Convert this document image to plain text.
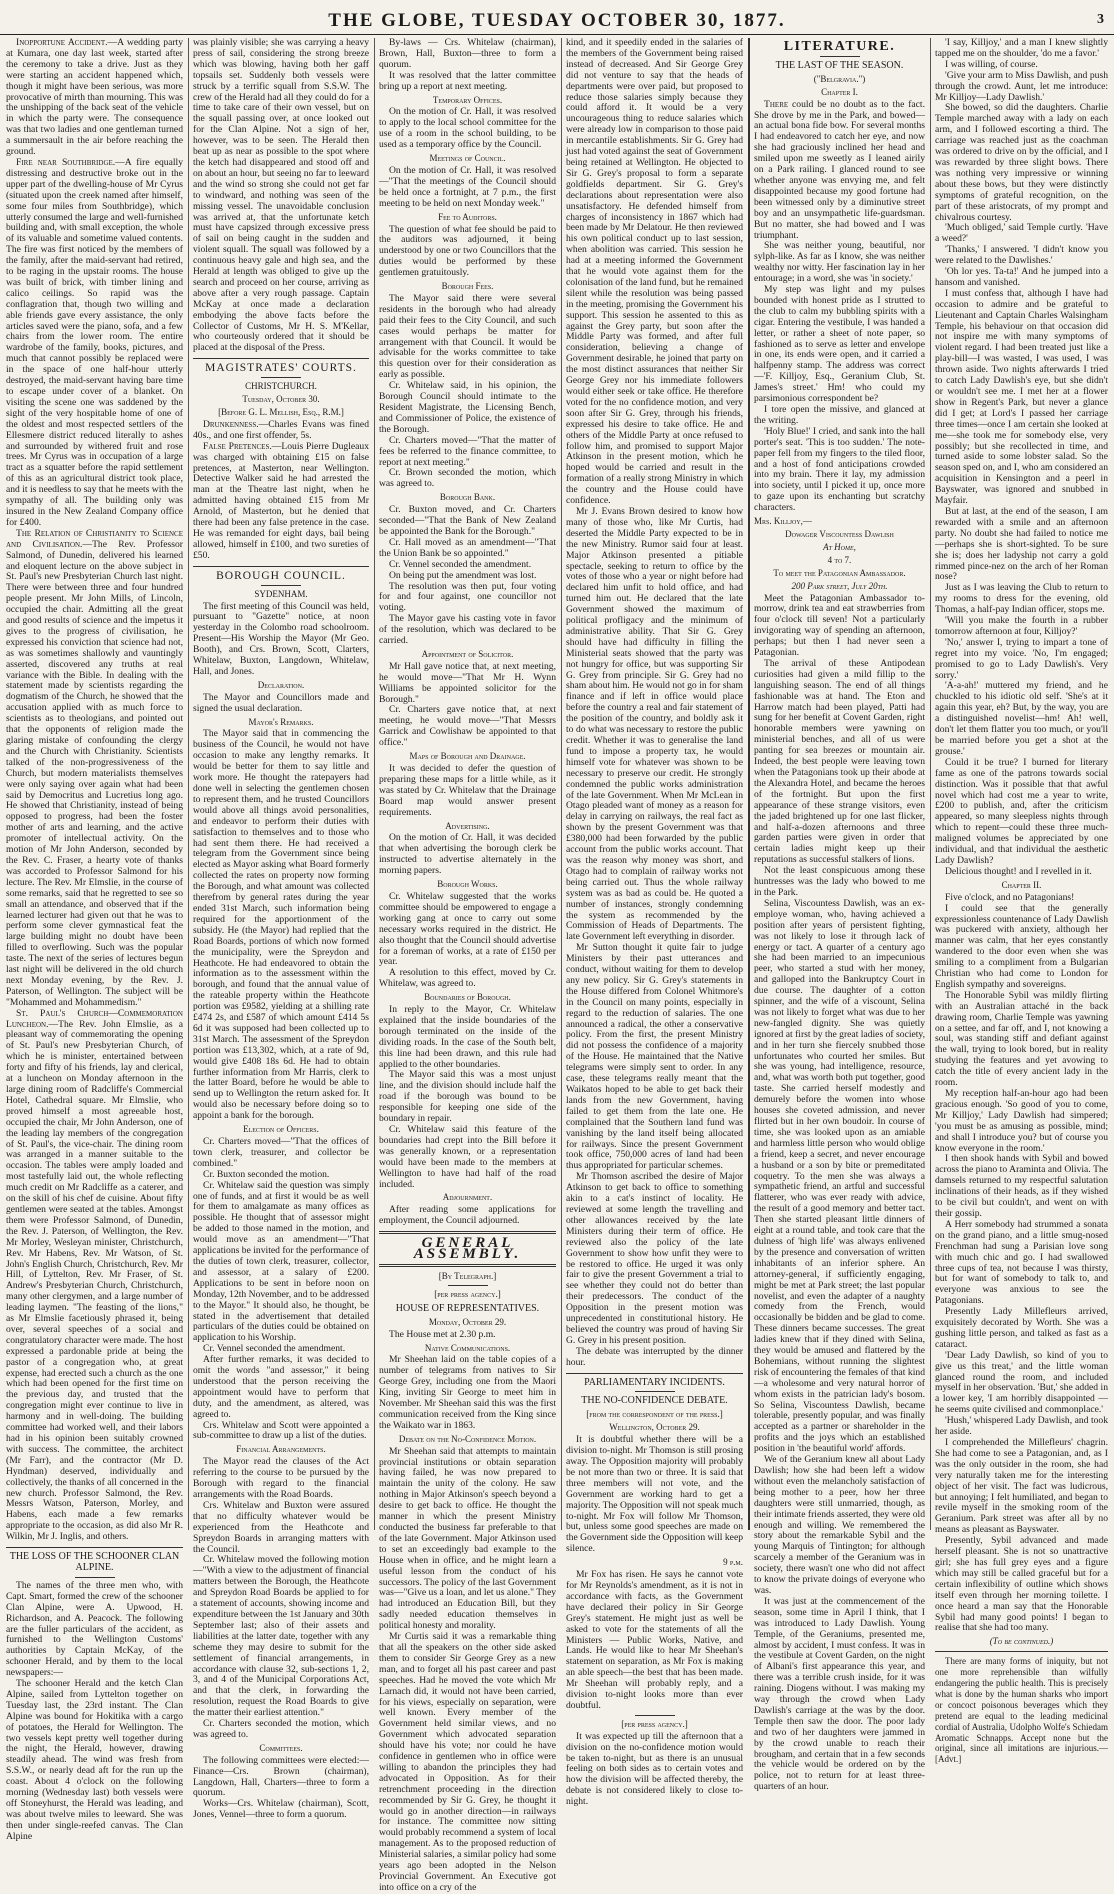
THE GLOBE, TUESDAY OCTOBER 30, 1877.	3

Inopportune Accident.—A wedding party at Kumara, one day last week, started after the ceremony to take a drive. Just as they were starting an accident happened which, though it might have been serious, was more provocative of mirth than mourning. This was the unshipping of the back seat of the vehicle in which the party were. The consequence was that two ladies and one gentleman turned a summersault in the air before reaching the ground.

Fire near Southbridge.—A fire equally distressing and destructive broke out in the upper part of the dwelling-house of Mr Cyrus (situated upon the creek named after himself, some four miles from Southbridge), which utterly consumed the large and well-furnished building and, with small exception, the whole of its valuable and sometime valued contents. The fire was first noticed by the members of the family, after the maid-servant had retired, to be raging in the upstair rooms. The house was built of brick, with timber lining and calico ceilings. So rapid was the conflagration that, though two willing and able friends gave every assistance, the only articles saved were the piano, sofa, and a few chairs from the lower room. The entire wardrobe of the family, books, pictures, and much that cannot possibly be replaced were in the space of one half-hour utterly destroyed, the maid-servant having bare time to escape under cover of a blanket. On visiting the scene one was saddened by the sight of the very hospitable home of one of the oldest and most respected settlers of the Ellesmere district reduced literally to ashes and surrounded by withered fruit and rose trees. Mr Cyrus was in occupation of a large tract as a squatter before the rapid settlement of this as an agricultural district took place, and it is needless to say that he meets with the sympathy of all. The building only was insured in the New Zealand Company office for £400.

The Relation of Christianity to Science and Civilisation.—The Rev. Professor Salmond, of Dunedin, delivered his learned and eloquent lecture on the above subject in St. Paul's new Presbyterian Church last night. There were between three and four hundred people present. Mr John Mills, of Lincoln, occupied the chair. Admitting all the great and good results of science and the impetus it gives to the progress of civilisation, he expressed his conviction that science had not, as was sometimes shallowly and vauntingly asserted, discovered any truths at real variance with the Bible. In dealing with the statement made by scientists regarding the dogmatism of the Church, he showed that the accusation applied with as much force to scientists as to theologians, and pointed out that the opponents of religion made the glaring mistake of confounding the clergy and the Church with Christianity. Scientists talked of the non-progressiveness of the Church, but modern materialists themselves were only saying over again what had been said by Democritus and Lucretius long ago. He showed that Christianity, instead of being opposed to progress, had been the foster mother of arts and learning, and the active promoter of intellectual activity. On the motion of Mr John Anderson, seconded by the Rev. C. Fraser, a hearty vote of thanks was accorded to Professor Salmond for his lecture. The Rev. Mr Elmslie, in the course of some remarks, said that he regretted to see so small an attendance, and observed that if the learned lecturer had given out that he was to perform some clever gymnastical feat the large building might no doubt have been filled to overflowing. Such was the popular taste. The next of the series of lectures begun last night will be delivered in the old church next Monday evening, by the Rev. J. Paterson, of Wellington. The subject will be "Mohammed and Mohammedism."

St. Paul's Church—Commemoration Luncheon.—The Rev. John Elmslie, as a pleasant way of commemorating the opening of St. Paul's new Presbyterian Church, of which he is minister, entertained between forty and fifty of his friends, lay and clerical, at a luncheon on Monday afternoon in the large dining room of Radcliffe's Commercial Hotel, Cathedral square. Mr Elmslie, who proved himself a most agreeable host, occupied the chair, Mr John Anderson, one of the leading lay members of the congregation of St. Paul's, the vice-chair. The dining room was arranged in a manner suitable to the occasion. The tables were amply loaded and most tastefully laid out, the whole reflecting much credit on Mr Radcliffe as a caterer, and on the skill of his chef de cuisine. About fifty gentlemen were seated at the tables. Amongst them were Professor Salmond, of Dunedin, the Rev. J. Paterson, of Wellington, the Rev. Mr Morley, Wesleyan minister, Christchurch, Rev. Mr Habens, Rev. Mr Watson, of St. John's English Church, Christchurch, Rev. Mr Hill, of Lyttelton, Rev. Mr Fraser, of St. Andrew's Presbyterian Church, Christchurch, many other clergymen, and a large number of leading laymen. "The feasting of the lions," as Mr Elmslie facetiously phrased it, being over, several speeches of a social and congratulatory character were made. The host expressed a pardonable pride at being the pastor of a congregation who, at great expense, had erected such a church as the one which had been opened for the first time on the previous day, and trusted that the congregation might ever continue to live in harmony and in well-doing. The building committee had worked well, and their labors had in his opinion been suitably crowned with success. The committee, the architect (Mr Farr), and the contractor (Mr D. Hyndman) deserved, individually and collectively, the thanks of all concerned in the new church. Professor Salmond, the Rev. Messrs Watson, Paterson, Morley, and Habens, each made a few remarks appropriate to the occasion, as did also Mr R. Wilkin, Mr J. Inglis, and others.

THE LOSS OF THE SCHOONER CLAN ALPINE.

The names of the three men who, with Capt. Smart, formed the crew of the schooner Clan Alpine, were A. Upwood, H. Richardson, and A. Peacock. The following are the fuller particulars of the accident, as furnished to the Wellington Customs' authorities by Captain McKay, of the schooner Herald, and by them to the local newspapers:—

The schooner Herald and the ketch Clan Alpine, sailed from Lyttelton together on Tuesday last, the 23rd instant. The Clan Alpine was bound for Hokitika with a cargo of potatoes, the Herald for Wellington. The two vessels kept pretty well together during the night, the Herald, however, drawing steadily ahead. The wind was fresh from S.S.W., or nearly dead aft for the run up the coast. About 4 o'clock on the following morning (Wednesday last) both vessels were off Stoneyhurst, the Herald was leading, and was about twelve miles to leeward. She was then under single-reefed canvas. The Clan Alpine

was plainly visible; she was carrying a heavy press of sail, considering the strong breeze which was blowing, having both her gaff topsails set. Suddenly both vessels were struck by a terrific squall from S.S.W. The crew of the Herald had all they could do for a time to take care of their own vessel, but on the squall passing over, at once looked out for the Clan Alpine. Not a sign of her, however, was to be seen. The Herald then beat up as near as possible to the spot where the ketch had disappeared and stood off and on about an hour, but seeing no far to leeward and the wind so strong she could not get far to windward, and nothing was seen of the missing vessel. The unavoidable conclusion was arrived at, that the unfortunate ketch must have capsized through excessive press of sail on being caught in the sudden and violent squall. The squall was followed by a continuous heavy gale and high sea, and the Herald at length was obliged to give up the search and proceed on her course, arriving as above after a very rough passage. Captain McKay at once made a declaration embodying the above facts before the Collector of Customs, Mr H. S. M'Kellar, who courteously ordered that it should be placed at the disposal of the Press.

MAGISTRATES' COURTS.
CHRISTCHURCH.
Tuesday, October 30.
[Before G. L. Mellish, Esq., R.M.]

Drunkenness.—Charles Evans was fined 40s., and one first offender, 5s.

False Pretences.—Louis Pierre Dugleaux was charged with obtaining £15 on false pretences, at Masterton, near Wellington. Detective Walker said he had arrested the man at the Theatre last night, when he admitted having obtained £15 from Mr Arnold, of Masterton, but he denied that there had been any false pretence in the case. He was remanded for eight days, bail being allowed, himself in £100, and two sureties of £50.

BOROUGH COUNCIL.
SYDENHAM.

The first meeting of this Council was held, pursuant to "Gazette" notice, at noon yesterday in the Colombo road schoolroom. Present—His Worship the Mayor (Mr Geo. Booth), and Crs. Brown, Scott, Clarters, Whitelaw, Buxton, Langdown, Whitelaw, Hall, and Jones.

Declaration.

The Mayor and Councillors made and signed the usual declaration.

Mayor's Remarks.

The Mayor said that in commencing the business of the Council, he would not have occasion to make any lengthy remarks. It would be better for them to say little and work more. He thought the ratepayers had done well in selecting the gentlemen chosen to represent them, and he trusted Councillors would above all things avoid personalities, and endeavor to perform their duties with satisfaction to themselves and to those who had sent them there. He had received a telegram from the Government since being elected as Mayor asking what Board formerly collected the rates on property now forming the Borough, and what amount was collected therefrom by general rates during the year ended 31st March, such information being required for the apportionment of the subsidy. He (the Mayor) had replied that the Road Boards, portions of which now formed the municipality, were the Spreydon and Heathcote. He had endeavored to obtain the information as to the assessment within the borough, and found that the annual value of the rateable property within the Heathcote portion was £9582, yielding at a shilling rate £474 2s, and £587 of which amount £414 5s 6d it was supposed had been collected up to 31st March. The assessment of the Spreydon portion was £13,302, which, at a rate of 9d, would give £408 18s 6d. He had to obtain further information from Mr Harris, clerk to the latter Board, before he would be able to send up to Wellington the return asked for. It would also be necessary before doing so to appoint a bank for the borough.

Election of Officers.

Cr. Charters moved—"That the offices of town clerk, treasurer, and collector be combined."

Cr. Buxton seconded the motion.

Cr. Whitelaw said the question was simply one of funds, and at first it would be as well for them to amalgamate as many offices as possible. He thought that of assessor might be added to those named in the motion, and would move as an amendment—"That applications be invited for the performance of the duties of town clerk, treasurer, collector, and assessor, at a salary of £200. Applications to be sent in before noon on Monday, 12th November, and to be addressed to the Mayor." It should also, he thought, be stated in the advertisement that detailed particulars of the duties could be obtained on application to his Worship.

Cr. Vennel seconded the amendment.

After further remarks, it was decided to omit the words "and assessor," it being understood that the person receiving the appointment would have to perform that duty, and the amendment, as altered, was agreed to.

Crs. Whitelaw and Scott were appointed a sub-committee to draw up a list of the duties.

Financial Arrangements.

The Mayor read the clauses of the Act referring to the course to be pursued by the Borough with regard to the financial arrangements with the Road Boards.

Crs. Whitelaw and Buxton were assured that no difficulty whatever would be experienced from the Heathcote and Spreydon Boards in arranging matters with the Council.

Cr. Whitelaw moved the following motion—"With a view to the adjustment of financial matters between the Borough, the Heathcote and Spreydon Road Boards be applied to for a statement of accounts, showing income and expenditure between the 1st January and 30th September last; also of their assets and liabilities at the latter date, together with any scheme they may desire to submit for the settlement of financial arrangements, in accordance with clause 32, sub-sections 1, 2, 3, and 4 of the Municipal Corporations Act, and that the clerk, in forwarding the resolution, request the Road Boards to give the matter their earliest attention."

Cr. Charters seconded the motion, which was agreed to.

Committees.

The following committees were elected:— Finance—Crs. Brown (chairman), Langdown, Hall, Charters—three to form a quorum.

Works—Crs. Whitelaw (chairman), Scott, Jones, Vennel—three to form a quorum.

By-laws — Crs. Whitelaw (chairman), Brown, Hall, Buxton—three to form a quorum.

It was resolved that the latter committee bring up a report at next meeting.

Temporary Offices.

On the motion of Cr. Hall, it was resolved to apply to the local school committee for the use of a room in the school building, to be used as a temporary office by the Council.

Meetings of Council.

On the motion of Cr. Hall, it was resolved—"That the meetings of the Council should be held once a fortnight, at 7 p.m., the first meeting to be held on next Monday week."

Fee to Auditors.

The question of what fee should be paid to the auditors was adjourned, it being understood by one or two Councillors that the duties would be performed by these gentlemen gratuitously.

Borough Fees.

The Mayor said there were several residents in the borough who had already paid their fees to the City Council, and such cases would perhaps be matter for arrangement with that Council. It would be advisable for the works committee to take this question over for their consideration as early as possible.

Cr. Whitelaw said, in his opinion, the Borough Council should intimate to the Resident Magistrate, the Licensing Bench, and Commissioner of Police, the existence of the Borough.

Cr. Charters moved—"That the matter of fees be referred to the finance committee, to report at next meeting."

Cr. Brown seconded the motion, which was agreed to.

Borough Bank.

Cr. Buxton moved, and Cr. Charters seconded—"That the Bank of New Zealand be appointed the Bank for the Borough."

Cr. Hall moved as an amendment—"That the Union Bank be so appointed."

Cr. Vennel seconded the amendment.

On being put the amendment was lost.

The resolution was then put, four voting for and four against, one councillor not voting.

The Mayor gave his casting vote in favor of the resolution, which was declared to be carried.

Appointment of Solicitor.

Mr Hall gave notice that, at next meeting, he would move—"That Mr H. Wynn Williams be appointed solicitor for the Borough."

Cr. Charters gave notice that, at next meeting, he would move—"That Messrs Garrick and Cowlishaw be appointed to that office."

Maps of Borough and Drainage.

It was decided to defer the question of preparing these maps for a little while, as it was stated by Cr. Whitelaw that the Drainage Board map would answer present requirements.

Advertising.

On the motion of Cr. Hall, it was decided that when advertising the borough clerk be instructed to advertise alternately in the morning papers.

Borough Works.

Cr. Whitelaw suggested that the works committee should be empowered to engage a working gang at once to carry out some necessary works required in the district. He also thought that the Council should advertise for a foreman of works, at a rate of £150 per year.

A resolution to this effect, moved by Cr. Whitelaw, was agreed to.

Boundaries of Borough.

In reply to the Mayor, Cr. Whitelaw explained that the inside boundaries of the borough terminated on the inside of the dividing roads. In the case of the South belt, this line had been drawn, and this rule had applied to the other boundaries.

The Mayor said this was a most unjust line, and the division should include half the road if the borough was bound to be responsible for keeping one side of the boundary in repair.

Cr. Whitelaw said this feature of the boundaries had crept into the Bill before it was generally known, or a representation would have been made to the members at Wellington to have had half of the road included.

Adjournment.

After reading some applications for employment, the Council adjourned.

GENERAL ASSEMBLY.
[By Telegraph.]
[per press agency.]
HOUSE OF REPRESENTATIVES.
Monday, October 29.

The House met at 2.30 p.m.

Native Communications.

Mr Sheehan laid on the table copies of a number of telegrams from natives to Sir George Grey, including one from the Maori King, inviting Sir George to meet him in November. Mr Sheehan said this was the first communication received from the King since the Waikato war in 1863.

Debate on the No-Confidence Motion.

Mr Sheehan said that attempts to maintain provincial institutions or obtain separation having failed, he was now prepared to maintain the unity of the colony. He saw nothing in Major Atkinson's speech beyond a desire to get back to office. He thought the manner in which the present Ministry conducted the business far preferable to that of the late Government. Major Atkinson used to set an exceedingly bad example to the House when in office, and he might learn a useful lesson from the conduct of his successors. The policy of the last Government was—"Give us a loan, and let us alone." They had introduced an Education Bill, but they sadly needed education themselves in political honesty and morality.

Mr Curtis said it was a remarkable thing that all the speakers on the other side asked them to consider Sir George Grey as a new man, and to forget all his past career and past speeches. Had he moved the vote which Mr Larnach did, it would not have been carried, for his views, especially on separation, were well known. Every member of the Government held similar views, and no Government which advocated separation should have his vote; nor could he have confidence in gentlemen who in office were willing to abandon the principles they had advocated in Opposition. As for their retrenchment proceeding in the direction recommended by Sir G. Grey, he thought it would go in another direction—in railways for instance. The committee now sitting would probably recommend a system of local management. As to the proposed reduction of Ministerial salaries, a similar policy had some years ago been adopted in the Nelson Provincial Government. An Executive got into office on a cry of the

kind, and it speedily ended in the salaries of the members of the Government being raised instead of decreased. And Sir George Grey did not venture to say that the heads of departments were over paid, but proposed to reduce those salaries simply because they could afford it. It would be a very uncourageous thing to reduce salaries which were already low in comparison to those paid in mercantile establishments. Sir G. Grey had just had voted against the seat of Government being retained at Wellington. He objected to Sir G. Grey's proposal to form a separate goldfields department. Sir G. Grey's declarations about representation were also unsatisfactory. He defended himself from charges of inconsistency in 1867 which had been made by Mr Delatour. He then reviewed his own political conduct up to last session, when abolition was carried. This session he had at a meeting informed the Government that he would vote against them for the colonisation of the land fund, but he remained silent while the resolution was being passed in the meeting, promising the Government his support. This session he assented to this as against the Grey party, but soon after the Middle Party was formed, and after full consideration, believing a change of Government desirable, he joined that party on the most distinct assurances that neither Sir George Grey nor his immediate followers would either seek or take office. He therefore voted for the no confidence motion, and very soon after Sir G. Grey, through his friends, expressed his desire to take office. He and others of the Middle Party at once refused to follow him, and promised to support Major Atkinson in the present motion, which he hoped would be carried and result in the formation of a really strong Ministry in which the country and the House could have confidence.

Mr J. Evans Brown desired to know how many of those who, like Mr Curtis, had deserted the Middle Party expected to be in the new Ministry. Rumor said four at least. Major Atkinson presented a pitiable spectacle, seeking to return to office by the votes of those who a year or night before had declared him unfit to hold office, and had turned him out. He declared that the late Government showed the maximum of political profligacy and the minimum of administrative ability. That Sir G. Grey should have had difficulty in filling the Ministerial seats showed that the party was not hungry for office, but was supporting Sir G. Grey from principle. Sir G. Grey had no sham about him. He would not go in for sham finance and if left in office would place before the country a real and fair statement of the position of the country, and boldly ask it to do what was necessary to restore the public credit. Whether it was to generalise the land fund to impose a property tax, he would himself vote for whatever was shown to be necessary to preserve our credit. He strongly condemned the public works administration of the late Government. When Mr McLean in Otago pleaded want of money as a reason for delay in carrying on railways, the real fact as shown by the present Government was that £380,000 had been forwarded by the public account from the public works account. That was the reason why money was short, and Otago had to complain of railway works not being carried out. Thus the whole railway system was as bad as could be. He quoted a number of instances, strongly condemning the system as recommended by the Commission of Heads of Departments. The late Government left everything in disorder.

Mr Sutton thought it quite fair to judge Ministers by their past utterances and conduct, without waiting for them to develop any new policy. Sir G. Grey's statements in the House differed from Colonel Whitmore's in the Council on many points, especially in regard to the reduction of salaries. The one announced a radical, the other a conservative policy. From the first, the present Ministry did not possess the confidence of a majority of the House. He maintained that the Native telegrams were simply sent to order. In any case, these telegrams really meant that the Waikatos hoped to be able to get back their lands from the new Government, having failed to get them from the late one. He complained that the Southern land fund was vanishing by the land itself being allocated for railways. Since the present Government took office, 750,000 acres of land had been thus appropriated for particular schemes.

Mr Thomson ascribed the desire of Major Atkinson to get back to office to something akin to a cat's instinct of locality. He reviewed at some length the travelling and other allowances received by the late Ministers during their term of office. He reviewed also the policy of the late Government to show how unfit they were to be restored to office. He urged it was only fair to give the present Government a trial to see whether they could not do better than their predecessors. The conduct of the Opposition in the present motion was unprecedented in constitutional history. He believed the country was proud of having Sir G. Grey in his present position.

The debate was interrupted by the dinner hour.

PARLIAMENTARY INCIDENTS.
THE NO-CONFIDENCE DEBATE.
[from the correspondent of the press.]
Wellington, October 29.

It is doubtful whether there will be a division to-night. Mr Thomson is still prosing away. The Opposition majority will probably be not more than two or three. It is said that three members will not vote, and the Government are working hard to get a majority. The Opposition will not speak much to-night. Mr Fox will follow Mr Thomson, but, unless some good speeches are made on the Government side the Opposition will keep silence.

9 p.m.

Mr Fox has risen. He says he cannot vote for Mr Reynolds's amendment, as it is not in accordance with facts, as the Government have declared their policy in Sir George Grey's statement. He might just as well be asked to vote for the statements of all the Ministers — Public Works, Native, and Lands. He would like to hear Mr Sheehan's statement on separation, as Mr Fox is making an able speech—the best that has been made. Mr Sheehan will probably reply, and a division to-night looks more than ever doubtful.

[per press agency.]

It was expected up till the afternoon that a division on the no-confidence motion would be taken to-night, but as there is an unusual feeling on both sides as to certain votes and how the division will be affected thereby, the debate is not considered likely to close to-night.

LITERATURE.
THE LAST OF THE SEASON.
("Belgravia.")
Chapter I.

There could be no doubt as to the fact. She drove by me in the Park, and bowed—an actual bona fide bow. For several months I had endeavored to catch her eye, and now she had graciously inclined her head and smiled upon me sweetly as I leaned airily on a Park railing. I glanced round to see whether anyone was envying me, and felt disappointed because my good fortune had been witnessed only by a diminutive street boy and an unsympathetic life-guardsman. But no matter, she had bowed and I was triumphant.

She was neither young, beautiful, nor sylph-like. As far as I know, she was neither wealthy nor witty. Her fascination lay in her entourage; in a word, she was 'in society.'

My step was light and my pulses bounded with honest pride as I strutted to the club to calm my bubbling spirits with a cigar. Entering the vestibule, I was handed a letter, or rather a sheet of note paper, so fashioned as to serve as letter and envelope in one, its ends were open, and it carried a halfpenny stamp. The address was correct—'F. Killjoy, Esq., Geranium Club, St. James's street.' Hm! who could my parsimonious correspondent be?

I tore open the missive, and glanced at the writing.

'Holy Blue!' I cried, and sank into the hall porter's seat. 'This is too sudden.' The note-paper fell from my fingers to the tiled floor, and a host of fond anticipations crowded into my brain. There it lay, my admission into society, until I picked it up, once more to gaze upon its enchanting but scratchy characters.

Mrs. Killjoy,—
Dowager Viscountess Dawlish
At Home,
4 to 7.
To meet the Patagonian Ambassador.
200 Park street, July 20th.

Meet the Patagonian Ambassador to-morrow, drink tea and eat strawberries from four o'clock till seven! Not a particularly invigorating way of spending an afternoon, perhaps; but then I had never seen a Patagonian.

The arrival of these Antipodean curiosities had given a mild fillip to the languishing season. The end of all things fashionable was at hand. The Eton and Harrow match had been played, Patti had sung for her benefit at Covent Garden, right honorable members were yawning on ministerial benches, and all of us were panting for sea breezes or mountain air. Indeed, the best people were leaving town when the Patagonians took up their abode at the Alexandra Hotel, and became the heroes of the fortnight. But upon the first appearance of these strange visitors, even the jaded brightened up for one last flicker, and half-a-dozen afternoons and three garden parties were given in order that certain ladies might keep up their reputations as successful stalkers of lions.

Not the least conspicuous among these huntresses was the lady who bowed to me in the Park.

Selina, Viscountess Dawlish, was an ex-employe woman, who, having achieved a position after years of persistent fighting, was not likely to lose it through lack of energy or tact. A quarter of a century ago she had been married to an impecunious peer, who started a stud with her money, and galloped into the Bankruptcy Court in due course. The daughter of a cotton spinner, and the wife of a viscount, Selina was not likely to forget what was due to her new-fangled dignity. She was quietly ignored at first by the great ladies of society, and in her turn she fiercely snubbed those unfortunates who courted her smiles. But she was young, had intelligence, resource, and, what was worth both put together, good taste. She carried herself modestly and demurely before the women into whose houses she coveted admission, and never flirted but in her own boudoir. In course of time, she was looked upon as an amiable and harmless little person who would oblige a friend, keep a secret, and never encourage a husband or a son by bite or premeditated coquetry. To the men she was always a sympathetic friend, an artful and successful flatterer, who was ever ready with advice, the result of a good memory and better tact. Then she started pleasant little dinners of eight at a round table, and took care that the dulness of 'high life' was always enlivened by the presence and conversation of written inhabitants of an inferior sphere. An attorney-general, if sufficiently engaging, might be met at Park street; the last popular novelist, and even the adapter of a naughty comedy from the French, would occasionally be bidden and be glad to come. These dinners became successes. The great ladies knew that if they dined with Selina, they would be amused and flattered by the Bohemians, without running the slightest risk of encountering the females of that kind—a wholesome and very natural horror of whom exists in the patrician lady's bosom. So Selina, Viscountess Dawlish, became tolerable, presently popular, and was finally accepted as a partner or shareholder in the profits and the joys which an established position in 'the beautiful world' affords.

We of the Geranium knew all about Lady Dawlish; how she had been left a widow without even the melancholy satisfaction of being mother to a peer, how her three daughters were still unmarried, though, as their intimate friends asserted, they were old enough and willing. We remembered the story about the remarkable Sybil and the young Marquis of Tintington; for although scarcely a member of the Geranium was in society, there wasn't one who did not affect to know the private doings of everyone who was.

It was just at the commencement of the season, some time in April I think, that I was introduced to Lady Dawlish. Young Temple, of the Geraniums, presented me, almost by accident, I must confess. It was in the vestibule at Covent Garden, on the night of Albani's first appearance this year, and there was a terrible crush inside, for it was raining. Diogens without. I was making my way through the crowd when Lady Dawlish's carriage at the was by the door. Temple then saw the door. The poor lady and two of her daughters were jammed in by the crowd unable to reach their brougham, and certain that in a few seconds the vehicle would be ordered on by the police, not to return for at least three-quarters of an hour.

'I say, Killjoy,' and a man I knew slightly tapped me on the shoulder, 'do me a favor.'

I was willing, of course.

'Give your arm to Miss Dawlish, and push through the crowd. Aunt, let me introduce: Mr Killjoy—Lady Dawlish.'

She bowed, so did the daughters. Charlie Temple marched away with a lady on each arm, and I followed escorting a third. The carriage was reached just as the coachman was ordered to drive on by the official, and I was rewarded by three slight bows. There was nothing very impressive or winning about these bows, but they were distinctly symptoms of grateful recognition, on the part of these aristocrats, of my prompt and chivalrous courtesy.

'Much obliged,' said Temple curtly. 'Have a weed?'

'Thanks,' I answered. 'I didn't know you were related to the Dawlishes.'

'Oh lor yes. Ta-ta!' And he jumped into a hansom and vanished.

I must confess that, although I have had occasion to admire and be grateful to Lieutenant and Captain Charles Walsingham Temple, his behaviour on that occasion did not inspire me with many symptoms of violent regard. I had been treated just like a play-bill—I was wasted, I was used, I was thrown aside. Two nights afterwards I tried to catch Lady Dawlish's eye, but she didn't or wouldn't see me. I met her at a flower show in Regent's Park, but never a glance did I get; at Lord's I passed her carriage three times—once I am certain she looked at me—she took me for somebody else, very possibly; but she recollected in time, and turned aside to some lobster salad. So the season sped on, and I, who am considered an acquisition in Kensington and a peerl in Bayswater, was ignored and snubbed in Mayfair.

But at last, at the end of the season, I am rewarded with a smile and an afternoon party. No doubt she had failed to notice me—perhaps she is short-sighted. To be sure she is; does her ladyship not carry a gold rimmed pince-nez on the arch of her Roman nose?

Just as I was leaving the Club to return to my rooms to dress for the evening, old Thomas, a half-pay Indian officer, stops me.

'Will you make the fourth in a rubber tomorrow afternoon at four, Killjoy?'

'No,' answer I, trying to impart a tone of regret into my voice. 'No, I'm engaged; promised to go to Lady Dawlish's. Very sorry.'

'A-a-ah!' muttered my friend, and he chuckled to his idiotic old self. 'She's at it again this year, eh? But, by the way, you are a distinguished novelist—hm! Ah! well, don't let them flatter you too much, or you'll be married before you get a shot at the grouse.'

Could it be true? I burned for literary fame as one of the patrons towards social distinction. Was it possible that that awful novel which had cost me a year to write, £200 to publish, and, after the criticism appeared, so many sleepless nights through which to repent—could these three much-maligned volumes be appreciated by one individual, and that individual the aesthetic Lady Dawlish?

Delicious thought! and I revelled in it.

Chapter II.

Five o'clock, and no Patagonians!

I could see that the generally expressionless countenance of Lady Dawlish was puckered with anxiety, although her manner was calm, that her eyes constantly wandered to the door even when she was smiling to a compliment from a Bulgarian Christian who had come to London for English sympathy and sovereigns.

The Honorable Sybil was mildly flirting with an Australian attaché in the back drawing room, Charlie Temple was yawning on a settee, and far off, and I, not knowing a soul, was standing stiff and defiant against the wall, trying to look bored, but in reality studying the features and yet avowing to catch the title of every ancient lady in the room.

My reception half-an-hour ago had been gracious enough. 'So good of you to come, Mr Killjoy,' Lady Dawlish had simpered; 'you must be as amusing as possible, mind; and shall I introduce you? but of course you know everyone in the room.'

I then shook hands with Sybil and bowed across the piano to Araminta and Olivia. The damsels returned to my respectful salutation inclinations of their heads, as if they wished to be civil but couldn't, and went on with their gossip.

A Herr somebody had strummed a sonata on the grand piano, and a little smug-nosed Frenchman had sung a Parisian love song with much chic and go. I had swallowed three cups of tea, not because I was thirsty, but for want of somebody to talk to, and everyone was anxious to see the Patagonians.

Presently Lady Millefleurs arrived, exquisitely decorated by Worth. She was a gushing little person, and talked as fast as a cataract.

'Dear Lady Dawlish, so kind of you to give us this treat,' and the little woman glanced round the room, and included myself in her observation. 'But,' she added in a lower key, 'I am horribly disappointed —he seems quite civilised and commonplace.'

'Hush,' whispered Lady Dawlish, and took her aside.

I comprehended the Millefleurs' chagrin. She had come to see a Patagonian, and, as I was the only outsider in the room, she had very naturally taken me for the interesting object of her visit. The fact was ludicrous, but annoying; I felt humiliated, and began to revile myself in the smoking room of the Geranium. Park street was after all by no means as pleasant as Bayswater.

Presently, Sybil advanced and made herself pleasant. She is not so unattractive girl; she has full grey eyes and a figure which may still be called graceful but for a certain inflexibility of outline which shows itself even through her morning toilette. I once heard a man say that the Honorable Sybil had many good points! I began to realise that she had too many.

(To be continued.)

There are many forms of iniquity, but not one more reprehensible than wilfully endangering the public health. This is precisely what is done by the human sharks who import or concoct poisonous beverages which they pretend are equal to the leading medicinal cordial of Australia, Udolpho Wolfe's Schiedam Aromatic Schnapps. Accept none but the original, since all imitations are injurious.—[Advt.]
